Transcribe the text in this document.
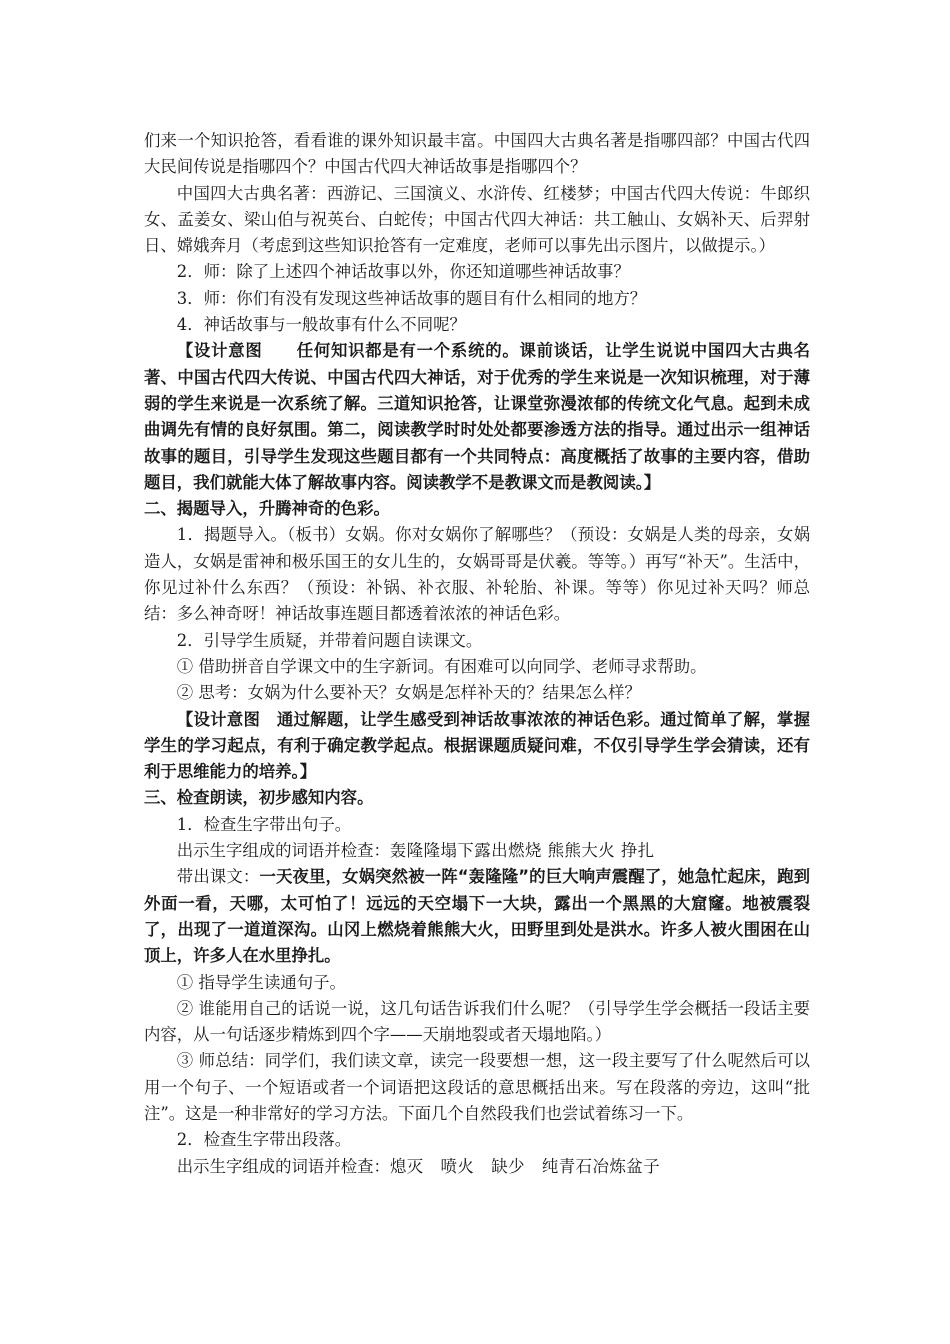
们来一个知识抢答，看看谁的课外知识最丰富。中国四大古典名著是指哪四部？中国古代四大民间传说是指哪四个？中国古代四大神话故事是指哪四个？

中国四大古典名著：西游记、三国演义、水浒传、红楼梦；中国古代四大传说：牛郎织女、孟姜女、梁山伯与祝英台、白蛇传；中国古代四大神话：共工触山、女娲补天、后羿射日、嫦娥奔月（考虑到这些知识抢答有一定难度，老师可以事先出示图片，以做提示。）

2．师：除了上述四个神话故事以外，你还知道哪些神话故事？

3．师：你们有没有发现这些神话故事的题目有什么相同的地方？

4．神话故事与一般故事有什么不同呢？

【设计意图　　任何知识都是有一个系统的。课前谈话，让学生说说中国四大古典名著、中国古代四大传说、中国古代四大神话，对于优秀的学生来说是一次知识梳理，对于薄弱的学生来说是一次系统了解。三道知识抢答，让课堂弥漫浓郁的传统文化气息。起到未成曲调先有情的良好氛围。第二，阅读教学时时处处都要渗透方法的指导。通过出示一组神话故事的题目，引导学生发现这些题目都有一个共同特点：高度概括了故事的主要内容，借助题目，我们就能大体了解故事内容。阅读教学不是教课文而是教阅读。】

二、揭题导入，升腾神奇的色彩。

1．揭题导入。（板书）女娲。你对女娲你了解哪些？（预设：女娲是人类的母亲，女娲造人，女娲是雷神和极乐国王的女儿生的，女娲哥哥是伏羲。等等。）再写“补天”。生活中，你见过补什么东西？（预设：补锅、补衣服、补轮胎、补课。等等）你见过补天吗？师总结：多么神奇呀！神话故事连题目都透着浓浓的神话色彩。

2．引导学生质疑，并带着问题自读课文。

① 借助拼音自学课文中的生字新词。有困难可以向同学、老师寻求帮助。

② 思考：女娲为什么要补天？女娲是怎样补天的？结果怎么样？

【设计意图　通过解题，让学生感受到神话故事浓浓的神话色彩。通过简单了解，掌握学生的学习起点，有利于确定教学起点。根据课题质疑问难，不仅引导学生学会猜读，还有利于思维能力的培养。】

三、检查朗读，初步感知内容。

1．检查生字带出句子。

出示生字组成的词语并检查：轰隆隆塌下露出燃烧 熊熊大火 挣扎

带出课文：一天夜里，女娲突然被一阵“轰隆隆”的巨大响声震醒了，她急忙起床，跑到外面一看，天哪，太可怕了！远远的天空塌下一大块，露出一个黑黑的大窟窿。地被震裂了，出现了一道道深沟。山冈上燃烧着熊熊大火，田野里到处是洪水。许多人被火围困在山顶上，许多人在水里挣扎。

① 指导学生读通句子。

② 谁能用自己的话说一说，这几句话告诉我们什么呢？（引导学生学会概括一段话主要内容，从一句话逐步精炼到四个字——天崩地裂或者天塌地陷。）

③ 师总结：同学们，我们读文章，读完一段要想一想，这一段主要写了什么呢然后可以用一个句子、一个短语或者一个词语把这段话的意思概括出来。写在段落的旁边，这叫“批注”。这是一种非常好的学习方法。下面几个自然段我们也尝试着练习一下。

2．检查生字带出段落。

出示生字组成的词语并检查：熄灭　喷火　缺少　纯青石冶炼盆子
